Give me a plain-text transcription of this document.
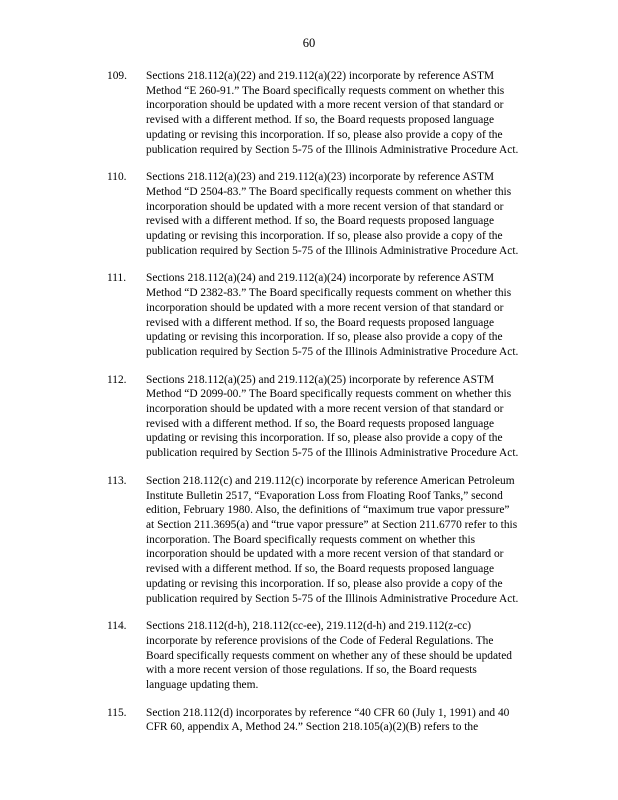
60
109.	Sections 218.112(a)(22) and 219.112(a)(22) incorporate by reference ASTM
Method “E 260-91.” The Board specifically requests comment on whether this
incorporation should be updated with a more recent version of that standard or
revised with a different method. If so, the Board requests proposed language
updating or revising this incorporation. If so, please also provide a copy of the
publication required by Section 5-75 of the Illinois Administrative Procedure Act.
110.	Sections 218.112(a)(23) and 219.112(a)(23) incorporate by reference ASTM
Method “D 2504-83.” The Board specifically requests comment on whether this
incorporation should be updated with a more recent version of that standard or
revised with a different method. If so, the Board requests proposed language
updating or revising this incorporation. If so, please also provide a copy of the
publication required by Section 5-75 of the Illinois Administrative Procedure Act.
111.	Sections 218.112(a)(24) and 219.112(a)(24) incorporate by reference ASTM
Method “D 2382-83.” The Board specifically requests comment on whether this
incorporation should be updated with a more recent version of that standard or
revised with a different method. If so, the Board requests proposed language
updating or revising this incorporation. If so, please also provide a copy of the
publication required by Section 5-75 of the Illinois Administrative Procedure Act.
112.	Sections 218.112(a)(25) and 219.112(a)(25) incorporate by reference ASTM
Method “D 2099-00.” The Board specifically requests comment on whether this
incorporation should be updated with a more recent version of that standard or
revised with a different method. If so, the Board requests proposed language
updating or revising this incorporation. If so, please also provide a copy of the
publication required by Section 5-75 of the Illinois Administrative Procedure Act.
113.	Section 218.112(c) and 219.112(c) incorporate by reference American Petroleum
Institute Bulletin 2517, “Evaporation Loss from Floating Roof Tanks,” second
edition, February 1980. Also, the definitions of “maximum true vapor pressure”
at Section 211.3695(a) and “true vapor pressure” at Section 211.6770 refer to this
incorporation. The Board specifically requests comment on whether this
incorporation should be updated with a more recent version of that standard or
revised with a different method. If so, the Board requests proposed language
updating or revising this incorporation. If so, please also provide a copy of the
publication required by Section 5-75 of the Illinois Administrative Procedure Act.
114.	Sections 218.112(d-h), 218.112(cc-ee), 219.112(d-h) and 219.112(z-cc)
incorporate by reference provisions of the Code of Federal Regulations. The
Board specifically requests comment on whether any of these should be updated
with a more recent version of those regulations. If so, the Board requests
language updating them.
115.	Section 218.112(d) incorporates by reference “40 CFR 60 (July 1, 1991) and 40
CFR 60, appendix A, Method 24.” Section 218.105(a)(2)(B) refers to the
